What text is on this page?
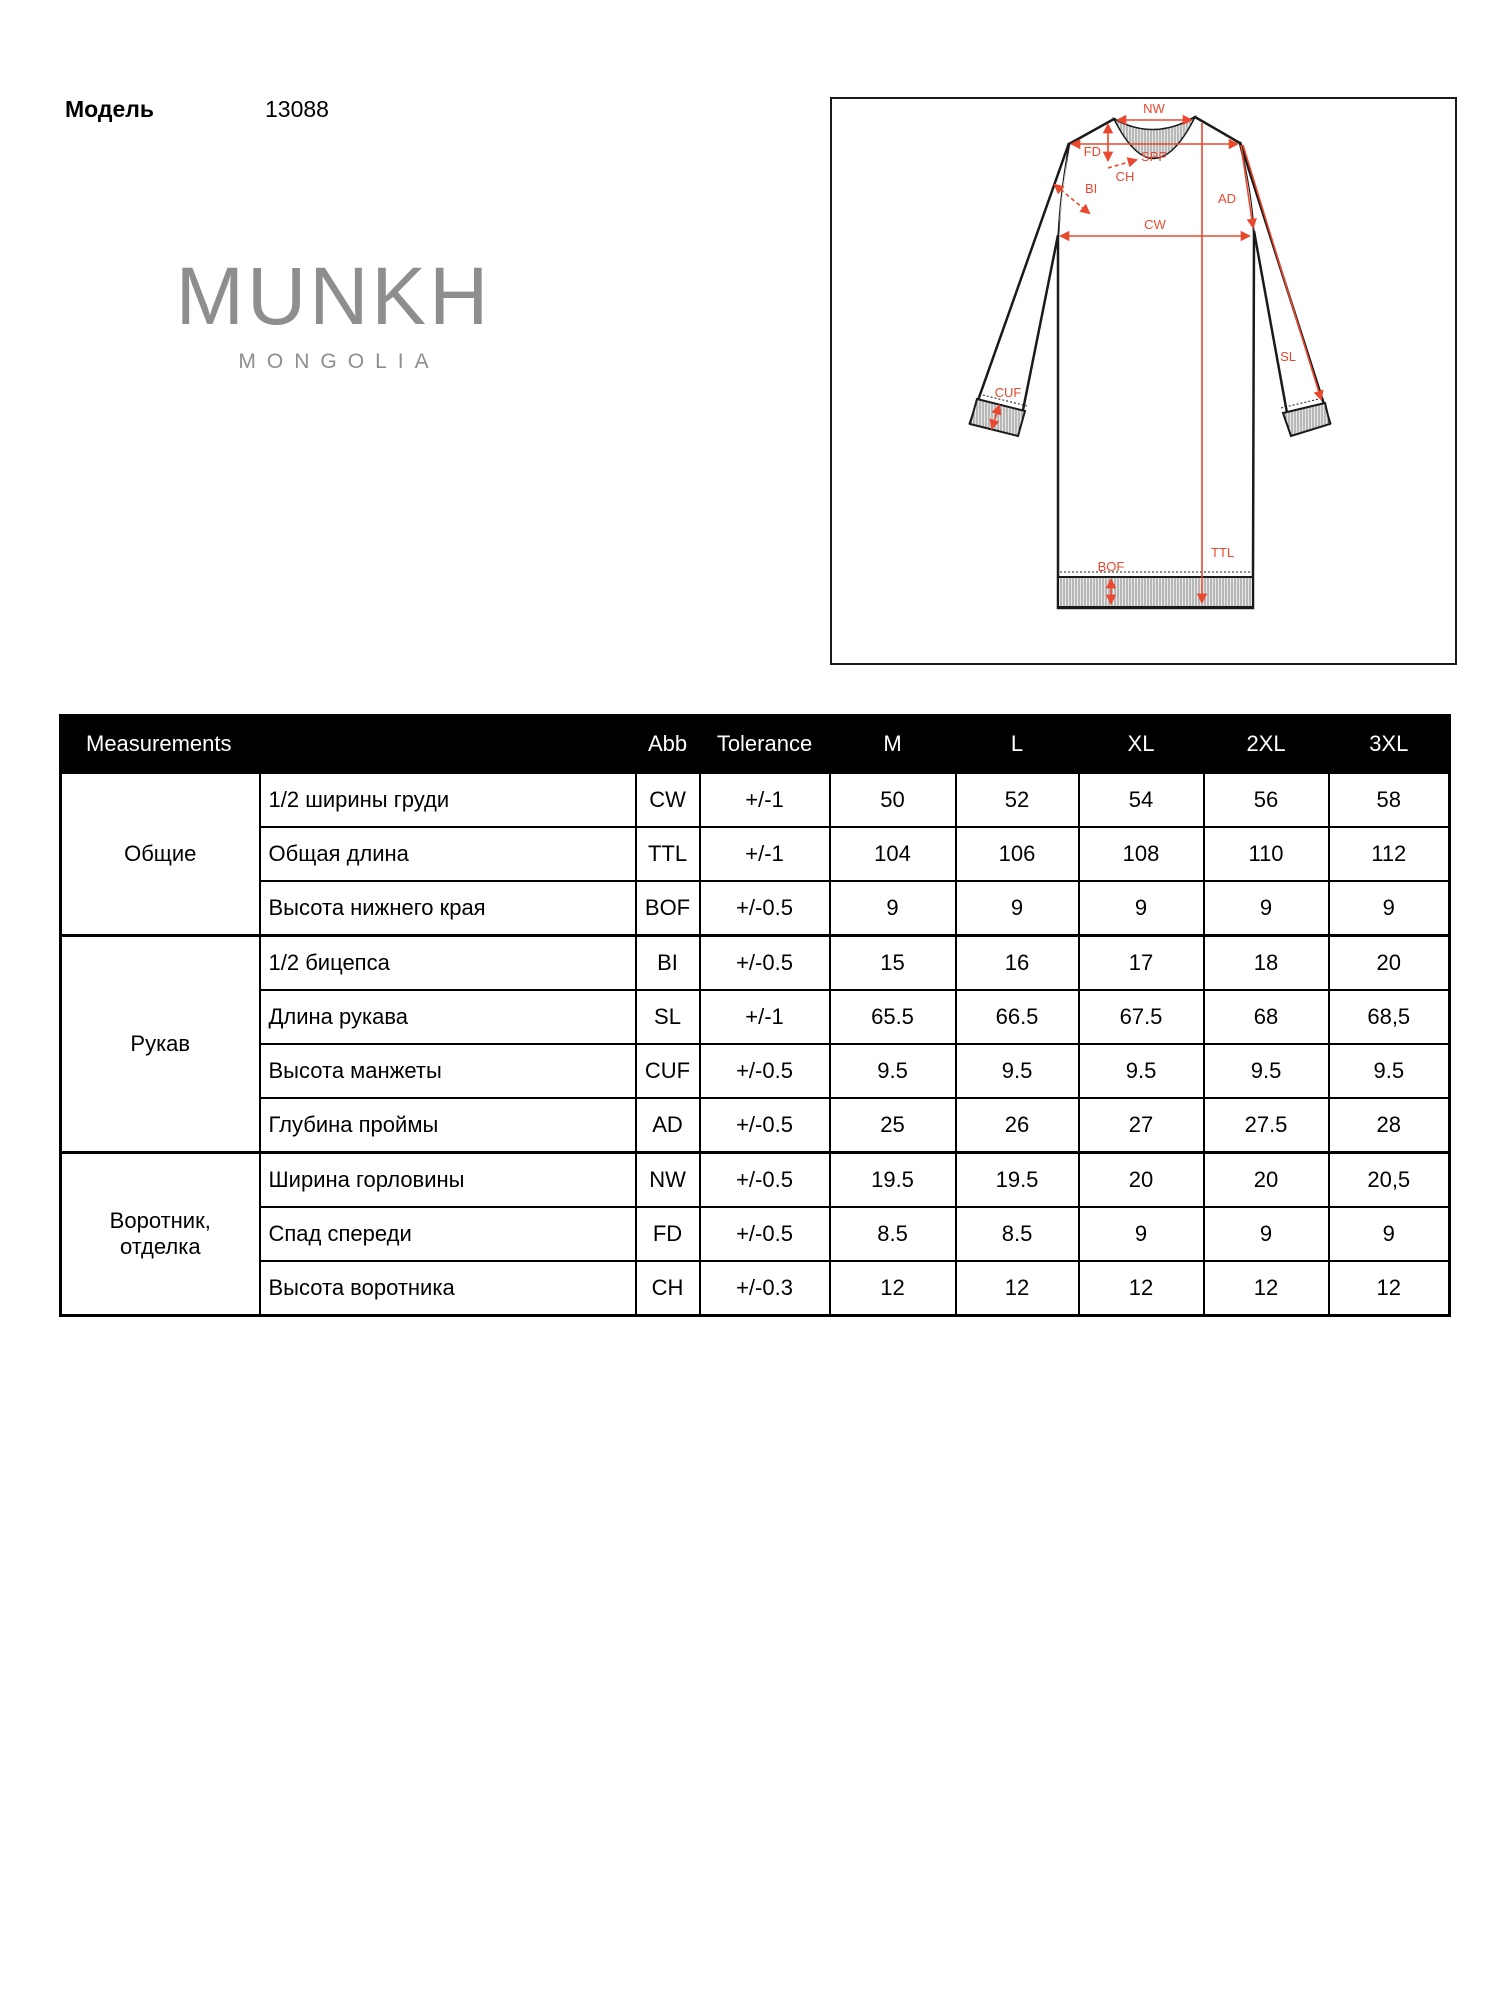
Модель	13088
MUNKH
MONGOLIA
NW
SPP
FD
CH
BI
CW
AD
SL
TTL
CUF
BOF
Measurements		Abb	Tolerance	M	L	XL	2XL	3XL
Общие	1/2 ширины груди	CW	+/-1	50	52	54	56	58
	Общая длина	TTL	+/-1	104	106	108	110	112
	Высота нижнего края	BOF	+/-0.5	9	9	9	9	9
Рукав	1/2 бицепса	BI	+/-0.5	15	16	17	18	20
	Длина рукава	SL	+/-1	65.5	66.5	67.5	68	68,5
	Высота манжеты	CUF	+/-0.5	9.5	9.5	9.5	9.5	9.5
	Глубина проймы	AD	+/-0.5	25	26	27	27.5	28
Воротник, отделка	Ширина горловины	NW	+/-0.5	19.5	19.5	20	20	20,5
	Спад спереди	FD	+/-0.5	8.5	8.5	9	9	9
	Высота воротника	CH	+/-0.3	12	12	12	12	12
